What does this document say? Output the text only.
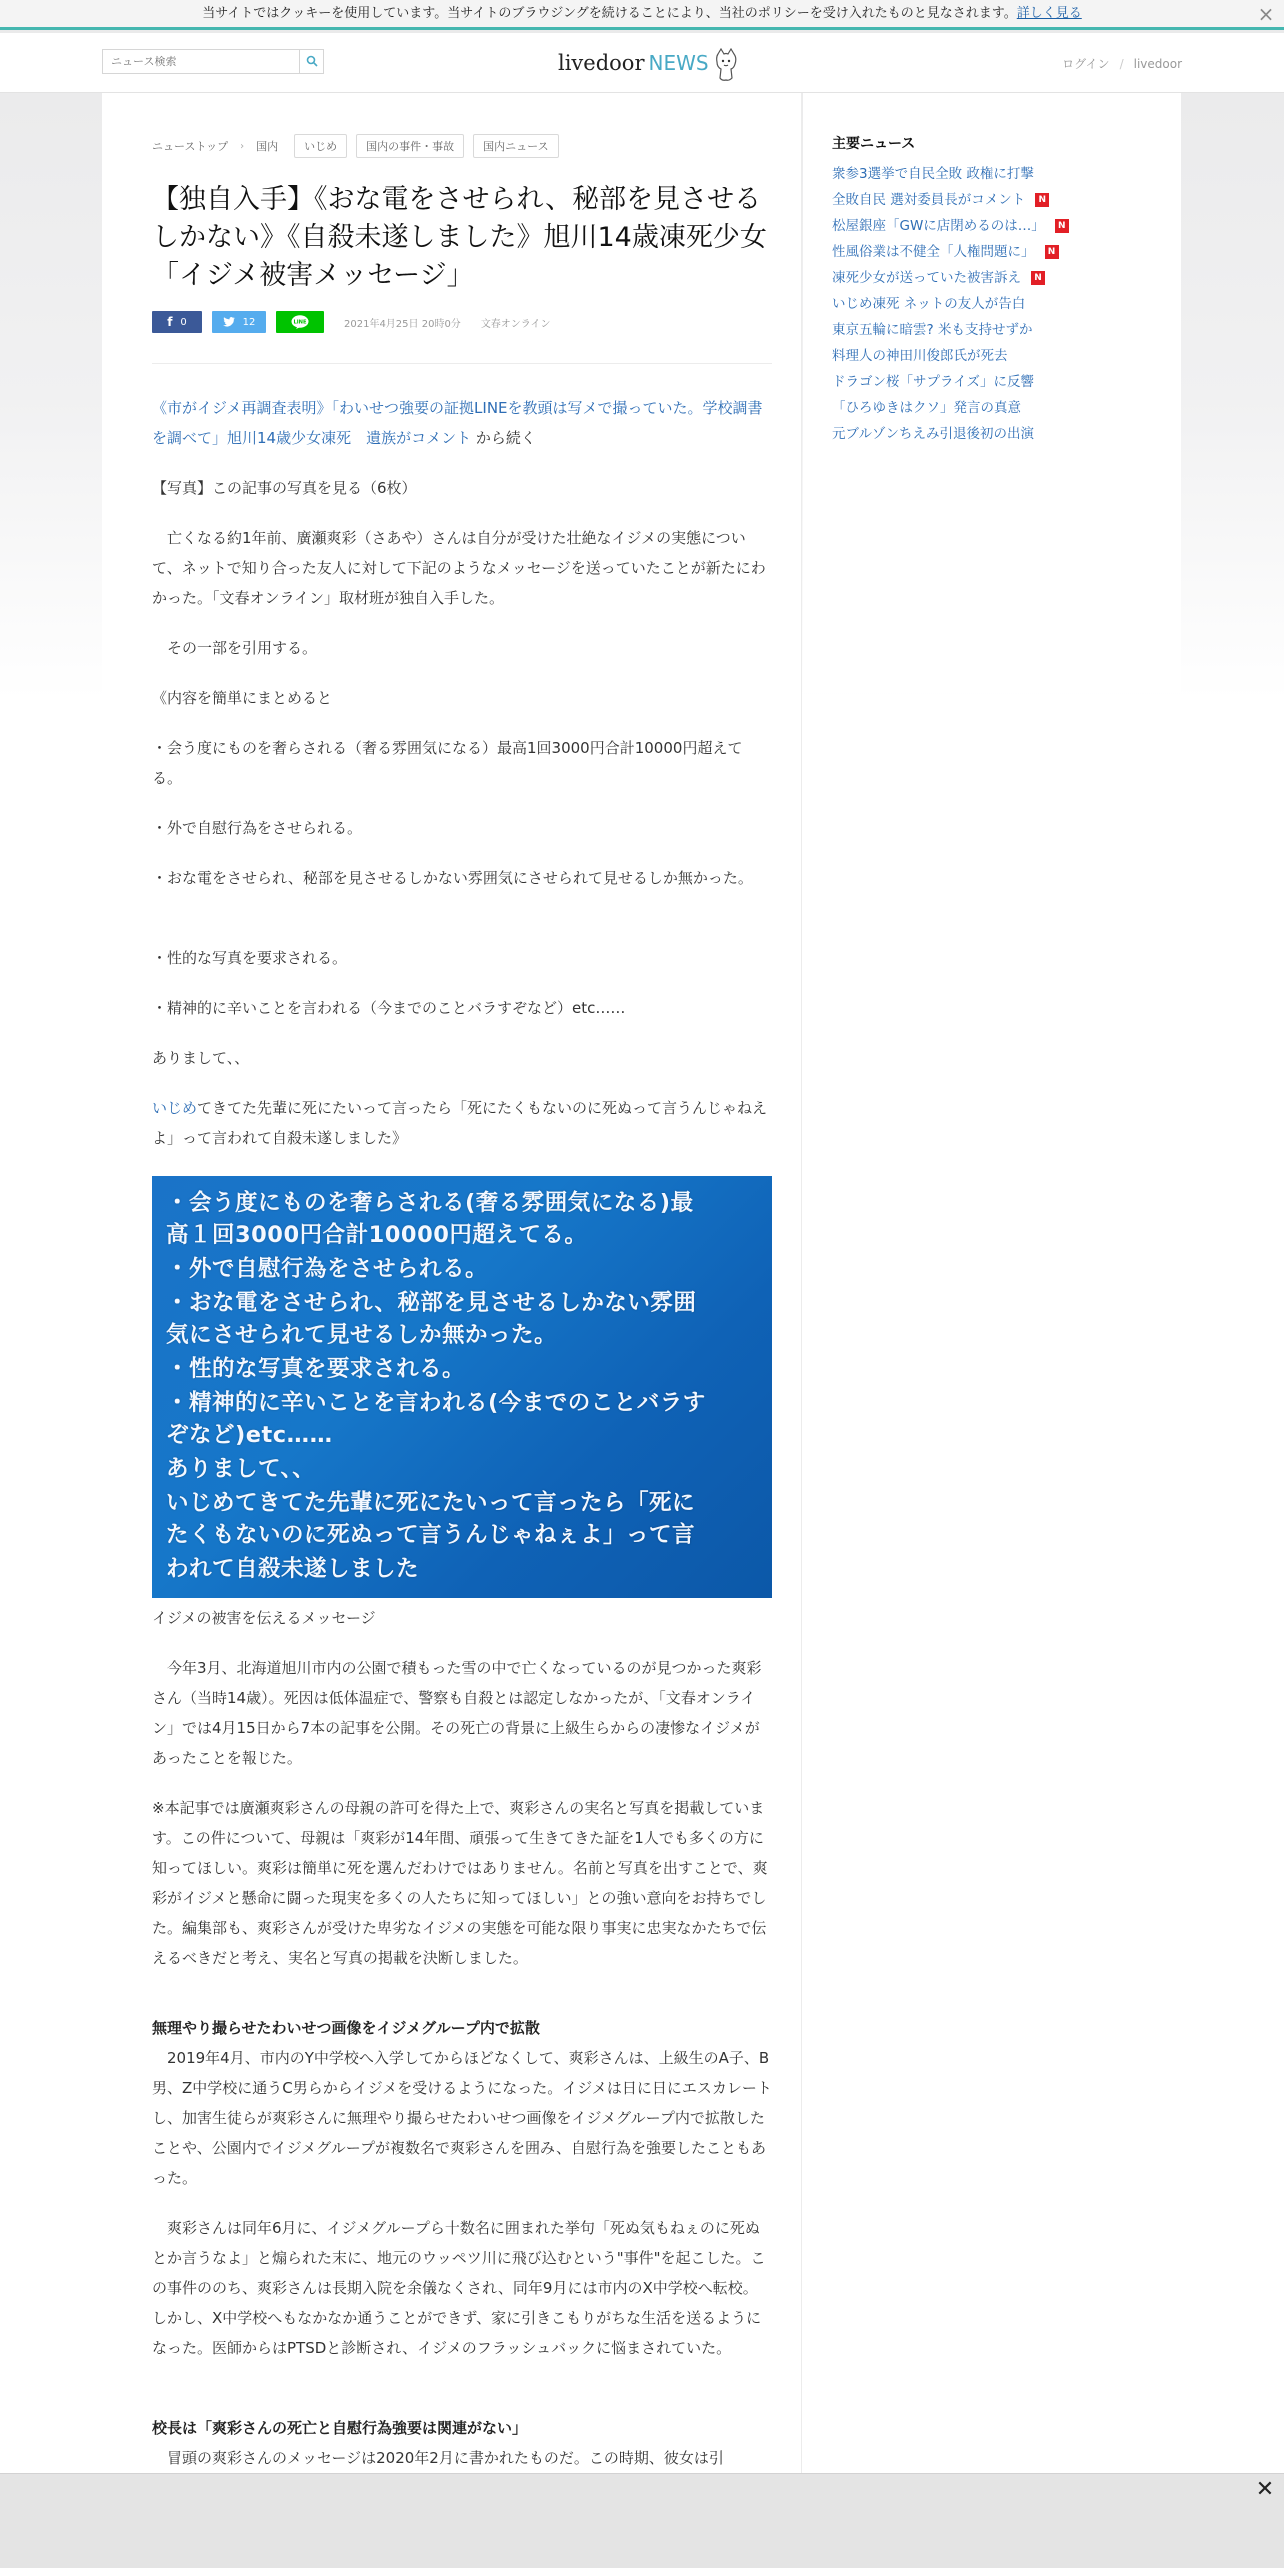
当サイトではクッキーを使用しています。当サイトのブラウジングを続けることにより、当社のポリシーを受け入れたものと見なされます。詳しく見る	×
ニュース検索
livedoor NEWS	ログイン / livedoor
ニューストップ › 国内	いじめ	国内の事件・事故	国内ニュース
【独自入手】《おな電をさせられ、秘部を見させるしかない》《自殺未遂しました》旭川14歳凍死少女「イジメ被害メッセージ」
f 0	12	LINE	2021年4月25日 20時0分 文春オンライン
《市がイジメ再調査表明》「わいせつ強要の証拠LINEを教頭は写メで撮っていた。学校調書を調べて」旭川14歳少女凍死　遺族がコメント から続く
【写真】この記事の写真を見る（6枚）
　亡くなる約1年前、廣瀬爽彩（さあや）さんは自分が受けた壮絶なイジメの実態について、ネットで知り合った友人に対して下記のようなメッセージを送っていたことが新たにわかった。「文春オンライン」取材班が独自入手した。
　その一部を引用する。
《内容を簡単にまとめると
・会う度にものを奢らされる（奢る雰囲気になる）最高1回3000円合計10000円超えてる。
・外で自慰行為をさせられる。
・おな電をさせられ、秘部を見させるしかない雰囲気にさせられて見せるしか無かった。
・性的な写真を要求される。
・精神的に辛いことを言われる（今までのことバラすぞなど）etc……
ありまして、、
いじめてきてた先輩に死にたいって言ったら「死にたくもないのに死ぬって言うんじゃねえよ」って言われて自殺未遂しました》
・会う度にものを奢らされる(奢る雰囲気になる)最
高１回3000円合計10000円超えてる。
・外で自慰行為をさせられる。
・おな電をさせられ、秘部を見させるしかない雰囲
気にさせられて見せるしか無かった。
・性的な写真を要求される。
・精神的に辛いことを言われる(今までのことバラす
ぞなど)etc……
ありまして、、
いじめてきてた先輩に死にたいって言ったら「死に
たくもないのに死ぬって言うんじゃねぇよ」って言
われて自殺未遂しました
イジメの被害を伝えるメッセージ
　今年3月、北海道旭川市内の公園で積もった雪の中で亡くなっているのが見つかった爽彩さん（当時14歳）。死因は低体温症で、警察も自殺とは認定しなかったが、「文春オンライン」では4月15日から7本の記事を公開。その死亡の背景に上級生らからの凄惨なイジメがあったことを報じた。
※本記事では廣瀬爽彩さんの母親の許可を得た上で、爽彩さんの実名と写真を掲載しています。この件について、母親は「爽彩が14年間、頑張って生きてきた証を1人でも多くの方に知ってほしい。爽彩は簡単に死を選んだわけではありません。名前と写真を出すことで、爽彩がイジメと懸命に闘った現実を多くの人たちに知ってほしい」との強い意向をお持ちでした。編集部も、爽彩さんが受けた卑劣なイジメの実態を可能な限り事実に忠実なかたちで伝えるべきだと考え、実名と写真の掲載を決断しました。
無理やり撮らせたわいせつ画像をイジメグループ内で拡散
　2019年4月、市内のY中学校へ入学してからほどなくして、爽彩さんは、上級生のA子、B男、Z中学校に通うC男らからイジメを受けるようになった。イジメは日に日にエスカレートし、加害生徒らが爽彩さんに無理やり撮らせたわいせつ画像をイジメグループ内で拡散したことや、公園内でイジメグループが複数名で爽彩さんを囲み、自慰行為を強要したこともあった。
　爽彩さんは同年6月に、イジメグループら十数名に囲まれた挙句「死ぬ気もねぇのに死ぬとか言うなよ」と煽られた末に、地元のウッペツ川に飛び込むという"事件"を起こした。この事件ののち、爽彩さんは長期入院を余儀なくされ、同年9月には市内のX中学校へ転校。しかし、X中学校へもなかなか通うことができず、家に引きこもりがちな生活を送るようになった。医師からはPTSDと診断され、イジメのフラッシュバックに悩まされていた。
校長は「爽彩さんの死亡と自慰行為強要は関連がない」
　冒頭の爽彩さんのメッセージは2020年2月に書かれたものだ。この時期、彼女は引
主要ニュース
衆参3選挙で自民全敗 政権に打撃
全敗自民 選対委員長がコメント	N
松屋銀座「GWに店閉めるのは…」	N
性風俗業は不健全「人権問題に」	N
凍死少女が送っていた被害訴え	N
いじめ凍死 ネットの友人が告白
東京五輪に暗雲? 米も支持せずか
料理人の神田川俊郎氏が死去
ドラゴン桜「サプライズ」に反響
「ひろゆきはクソ」発言の真意
元ブルゾンちえみ引退後初の出演
✕
